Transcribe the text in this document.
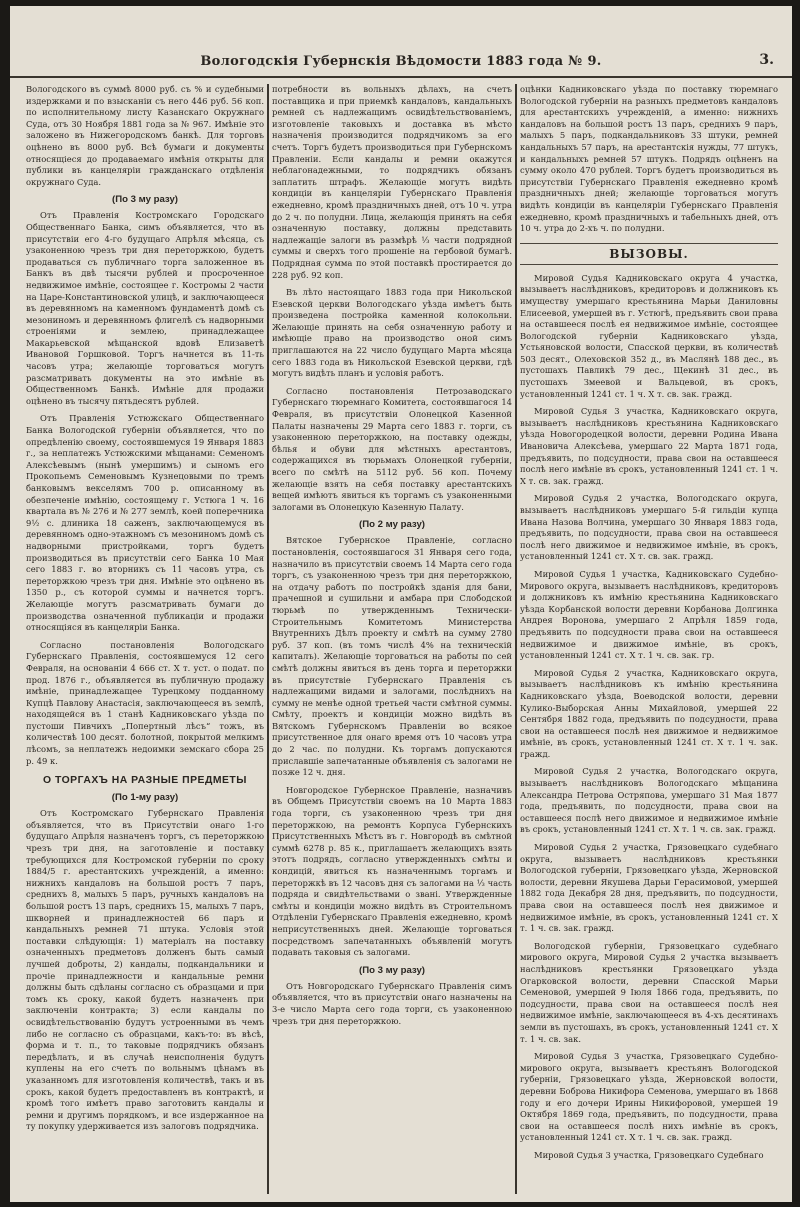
Вологодскія Губернскія Вѣдомости 1883 года № 9.	3.

Вологодского въ суммѣ 8000 руб. съ % и судебными издержками и по взысканіи съ него 446 руб. 56 коп. по исполнительному листу Казанскаго Окружнаго Суда, отъ 30 Ноября 1881 года за № 967. Имѣніе это заложено въ Нижегородскомъ банкѣ. Для торговъ оцѣнено въ 8000 руб. Всѣ бумаги и документы относящіеся до продаваемаго имѣнія открыты для публики въ канцеляріи гражданскаго отдѣленія окружнаго Суда.

(По 3 му разу)

Отъ Правленія Костромскаго Городскаго Общественнаго Банка, симъ объявляется, что въ присутствіи его 4-го будущаго Апрѣля мѣсяца, съ узаконенною чрезъ три дня переторжкою, будетъ продаваться съ публичнаго торга заложенное въ Банкъ въ двѣ тысячи рублей и просроченное недвижимое имѣніе, состоящее г. Костромы 2 части на Царе-Константиновской улицѣ, и заключающееся въ деревянномъ на каменномъ фундаментѣ домѣ съ мезониномъ и деревянномъ флигелѣ съ надворными строеніями и землею, принадлежащее Макарьевской мѣщанской вдовѣ Елизаветѣ Ивановой Горшковой. Торгъ начнется въ 11-ть часовъ утра; желающіе торговаться могутъ разсматривать документы на это имѣніе въ Общественномъ Банкѣ. Имѣніе для продажи оцѣнено въ тысячу пятьдесятъ рублей.

Отъ Правленія Устюжскаго Общественнаго Банка Вологодской губерніи объявляется, что по опредѣленію своему, состоявшемуся 19 Января 1883 г., за неплатежъ Устюжскими мѣщанами: Семеномъ Алексѣевымъ (нынѣ умершимъ) и сыномъ его Прокопьемъ Семеновымъ Кузнецовыми по тремъ банковымъ векселямъ 700 р. описанному въ обезпеченіе имѣнію, состоящему г. Устюга 1 ч. 16 квартала въ № 276 и № 277 землѣ, коей поперечника 9½ с. длиника 18 саженъ, заключающемуся въ деревянномъ одно-этажномъ съ мезониномъ домѣ съ надворными пристройками, торгъ будетъ производиться въ присутствіи сего Банка 10 Мая сего 1883 г. во вторникъ съ 11 часовъ утра, съ переторжкою чрезъ три дня. Имѣніе это оцѣнено въ 1350 р., съ которой суммы и начнется торгъ. Желающіе могутъ разсматривать бумаги до производства означенной публикаціи и продажи относящіяся въ канцеляріи Банка.

Согласно постановленія Вологодскаго Губернскаго Правленія, состоявшемуся 12 сего Февраля, на основаніи 4 666 ст. Х т. уст. о подат. по прод. 1876 г., объявляется въ публичную продажу имѣніе, принадлежащее Турецкому подданному Купцѣ Павлову Анастасія, заключающееся въ землѣ, находящейся въ 1 станѣ Кадниковскаго уѣзда по пустоши Пивчихъ „Попертный лѣсъ“ тожъ, въ количествѣ 100 десят. болотной, покрытой мелкимъ лѣсомъ, за неплатежъ недоимки земскаго сбора 25 р. 49 к.

О ТОРГАХЪ НА РАЗНЫЕ ПРЕДМЕТЫ
(По 1-му разу)

Отъ Костромскаго Губернскаго Правленія объявляется, что въ Присутствіи онаго 1-го будущаго Апрѣля назначенъ торгъ, съ переторжкою чрезъ три дня, на заготовленіе и поставку требующихся для Костромской губерніи по сроку 1884/5 г. арестантскихъ учрежденій, а именно: нижнихъ кандаловъ на большой ростъ 7 паръ, среднихъ 8, малыхъ 5 паръ, ручныхъ кандаловъ на большой ростъ 13 паръ, среднихъ 15, малыхъ 7 паръ, шкворней и принадлежностей 66 паръ и кандальныхъ ремней 71 штука. Условія этой поставки слѣдующія: 1) матеріалъ на поставку означенныхъ предметовъ долженъ быть самый лучшей доброты, 2) кандалы, подкандальники и прочіе принадлежности и кандальные ремни должны быть сдѣланы согласно съ образцами и при томъ къ сроку, какой будетъ назначенъ при заключеніи контракта; 3) если кандалы по освидѣтельствованію будутъ устроенными въ чемъ либо не согласно съ образцами, какъ-то: въ вѣсѣ, форма и т. п., то таковые подрядчикъ обязанъ передѣлать, и въ случаѣ неисполненія будутъ куплены на его счетъ по вольнымъ цѣнамъ въ указанномъ для изготовленія количествѣ, такъ и въ срокъ, какой будетъ предоставленъ въ контрактѣ, и кромѣ того имѣетъ право заготовить кандалы и ремни и другимъ порядкомъ, и все издержанное на ту покупку удерживается изъ залоговъ подрядчика.

потребности въ вольныхъ дѣлахъ, на счетъ поставщика и при приемкѣ кандаловъ, кандальныхъ ремней съ надлежащимъ освидѣтельствованіемъ, изготовленіе таковыхъ и доставка въ мѣсто назначенія производится подрядчикомъ за его счетъ. Торгъ будетъ производиться при Губернскомъ Правленіи. Если кандалы и ремни окажутся неблагонадежными, то подрядчикъ обязанъ заплатить штрафъ. Желающіе могутъ видѣть кондиціи въ канцеляріи Губернскаго Правленія ежедневно, кромѣ праздничныхъ дней, отъ 10 ч. утра до 2 ч. по полудни. Лица, желающія принять на себя означенную поставку, должны представить надлежащіе залоги въ размѣрѣ ⅓ части подрядной суммы и сверхъ того прошеніе на гербовой бумагѣ. Подрядная сумма по этой поставкѣ простирается до 228 руб. 92 коп.

Въ лѣто настоящаго 1883 года при Никольской Езевской церкви Вологодскаго уѣзда имѣетъ быть произведена постройка каменной колокольни. Желающіе принять на себя означенную работу и имѣющіе право на производство оной симъ приглашаются на 22 число будущаго Марта мѣсяца сего 1883 года въ Никольской Езевской церкви, гдѣ могутъ видѣть планъ и условія работъ.

Согласно постановленія Петрозаводскаго Губернскаго тюремнаго Комитета, состоявшагося 14 Февраля, въ присутствіи Олонецкой Казенной Палаты назначены 29 Марта сего 1883 г. торги, съ узаконенною переторжкою, на поставку одежды, бѣлья и обуви для мѣстныхъ арестантовъ, содержащихся въ тюрьмахъ Олонецкой губерніи, всего по смѣтѣ на 5112 руб. 56 коп. Почему желающіе взять на себя поставку арестантскихъ вещей имѣютъ явиться къ торгамъ съ узаконенными залогами въ Олонецкую Казенную Палату.

(По 2 му разу)

Вятское Губернское Правленіе, согласно постановленія, состоявшагося 31 Января сего года, назначило въ присутствіи своемъ 14 Марта сего года торгъ, съ узаконенною чрезъ три дня переторжкою, на отдачу работъ по постройкѣ зданія для бани, прачешной и сушильни и амбара при Слободской тюрьмѣ по утвержденнымъ Технически-Строительнымъ Комитетомъ Министерства Внутреннихъ Дѣлъ проекту и смѣтѣ на сумму 2780 руб. 37 коп. (въ томъ числѣ 4% на техническій капиталъ). Желающіе торговаться на работы по сей смѣтѣ должны явиться въ день торга и переторжки въ присутствіе Губернскаго Правленія съ надлежащими видами и залогами, послѣднихъ на сумму не менѣе одной третьей части смѣтной суммы. Смѣту, проектъ и кондиціи можно видѣть въ Вятскомъ Губернскомъ Правленіи во всякое присутственное для онаго время отъ 10 часовъ утра до 2 час. по полудни. Къ торгамъ допускаются приславшіе запечатанные объявленія съ залогами не позже 12 ч. дня.

Новгородское Губернское Правленіе, назначивъ въ Общемъ Присутствіи своемъ на 10 Марта 1883 года торги, съ узаконенною чрезъ три дня переторжкою, на ремонтъ Корпуса Губернскихъ Присутственныхъ Мѣстъ въ г. Новгородѣ въ смѣтной суммѣ 6278 р. 85 к., приглашаетъ желающихъ взять этотъ подрядъ, согласно утвержденныхъ смѣты и кондицій, явиться къ назначеннымъ торгамъ и переторжкѣ въ 12 часовъ дня съ залогами на ⅓ часть подряда и свидѣтельствами о звані. Утвержденные смѣты и кондиціи можно видѣть въ Строительномъ Отдѣленіи Губернскаго Правленія ежедневно, кромѣ неприсутственныхъ дней. Желающіе торговаться посредствомъ запечатанныхъ объявленій могутъ подавать таковыя съ залогами.

(По 3 му разу)

Отъ Новгородскаго Губернскаго Правленія симъ объявляется, что въ присутствіи онаго назначены на 3-е число Марта сего года торги, съ узаконенною чрезъ три дня переторжкою.

оцѣнки Кадниковскаго уѣзда по поставку тюремнаго Вологодской губерніи на разныхъ предметовъ кандаловъ для арестантскихъ учрежденій, а именно: нижнихъ кандаловъ на большой ростъ 13 паръ, среднихъ 9 паръ, малыхъ 5 паръ, подкандальниковъ 33 штуки, ремней кандальныхъ 57 паръ, на арестантскія нужды, 77 штукъ, и кандальныхъ ремней 57 штукъ. Подрядъ оцѣненъ на сумму около 470 рублей. Торгъ будетъ производиться въ присутствіи Губернскаго Правленія ежедневно кромѣ праздничныхъ дней; желающіе торговаться могутъ видѣть кондиціи въ канцеляріи Губернскаго Правленія ежедневно, кромѣ праздничныхъ и табельныхъ дней, отъ 10 ч. утра до 2-хъ ч. по полудни.

ВЫЗОВЫ.

Мировой Судья Кадниковскаго округа 4 участка, вызываетъ наслѣдниковъ, кредиторовъ и должниковъ къ имуществу умершаго крестьянина Марьи Даниловны Елисеевой, умершей въ г. Устюгѣ, предъявить свои права на оставшееся послѣ ея недвижимое имѣніе, состоящее Вологодской губерніи Кадниковскаго уѣзда, Устьяновской волости, Спасской церкви, въ количествѣ 503 десят., Олеховской 352 д., въ Маслянѣ 188 дес., въ пустошахъ Павликѣ 79 дес., Щекинѣ 31 дес., въ пустошахъ Змеевой и Вальцевой, въ срокъ, установленный 1241 ст. 1 ч. Х т. св. зак. гражд.

Мировой Судья 3 участка, Кадниковскаго округа, вызываетъ наслѣдниковъ крестьянина Кадниковскаго уѣзда Новогородецкой волости, деревни Родина Ивана Ивановича Алексѣева, умершаго 22 Марта 1871 года, предъявить, по подсудности, права свои на оставшееся послѣ него имѣніе въ срокъ, установленный 1241 ст. 1 ч. Х т. св. зак. гражд.

Мировой Судья 2 участка, Вологодскаго округа, вызываетъ наслѣдниковъ умершаго 5-й гильдіи купца Ивана Назова Волчина, умершаго 30 Января 1883 года, предъявить, по подсудности, права свои на оставшееся послѣ него движимое и недвижимое имѣніе, въ срокъ, установленный 1241 ст. Х т. св. зак. гражд.

Мировой Судья 1 участка, Кадниковскаго Судебно-Мирового округа, вызываетъ наслѣдниковъ, кредиторовъ и должниковъ къ имѣнію крестьянина Кадниковскаго уѣзда Корбанской волости деревни Корбанова Долгинка Андрея Воронова, умершаго 2 Апрѣля 1859 года, предъявить по подсудности права свои на оставшееся недвижимое и движимое имѣніе, въ срокъ, установленный 1241 ст. Х т. 1 ч. св. зак. гр.

Мировой Судья 2 участка, Кадниковскаго округа, вызываетъ наслѣдниковъ къ имѣнію крестьянина Кадниковскаго уѣзда, Воеводской волости, деревни Кулико-Выборская Анны Михайловой, умершей 22 Сентября 1882 года, предъявить по подсудности, права свои на оставшееся послѣ нея движимое и недвижимое имѣніе, въ срокъ, установленный 1241 ст. Х т. 1 ч. зак. гражд.

Мировой Судья 2 участка, Вологодскаго округа, вызываетъ наслѣдниковъ Вологодскаго мѣщанина Александра Петрова Остряпова, умершаго 31 Мая 1877 года, предъявить, по подсудности, права свои на оставшееся послѣ него движимое и недвижимое имѣніе въ срокъ, установленный 1241 ст. Х т. 1 ч. св. зак. гражд.

Мировой Судья 2 участка, Грязовецкаго судебнаго округа, вызываетъ наслѣдниковъ крестьянки Вологодской губерніи, Грязовецкаго уѣзда, Жерновской волости, деревни Якушева Дарьи Герасимовой, умершей 1882 года Декабря 28 дня, предъявить, по подсудности, права свои на оставшееся послѣ нея движимое и недвижимое имѣніе, въ срокъ, установленный 1241 ст. Х т. 1 ч. св. зак. гражд.

Вологодской губерніи, Грязовецкаго судебнаго мирового округа, Мировой Судья 2 участка вызываетъ наслѣдниковъ крестьянки Грязовецкаго уѣзда Огарковской волости, деревни Спасской Марьи Семеновой, умершей 9 Іюля 1866 года, предъявить, по подсудности, права свои на оставшееся послѣ нея недвижимое имѣніе, заключающееся въ 4-хъ десятинахъ земли въ пустошахъ, въ срокъ, установленный 1241 ст. Х т. 1 ч. св. зак.

Мировой Судья 3 участка, Грязовецкаго Судебно-мирового округа, вызываетъ крестьянъ Вологодской губерніи, Грязовецкаго уѣзда, Жерновской волости, деревни Боброва Никифора Семенова, умершаго въ 1868 году и его дочери Ирины Никифоровой, умершей 19 Октября 1869 года, предъявить, по подсудности, права свои на оставшееся послѣ нихъ имѣніе въ срокъ, установленный 1241 ст. Х т. 1 ч. св. зак. гражд.

Мировой Судья 3 участка, Грязовецкаго Судебнаго
